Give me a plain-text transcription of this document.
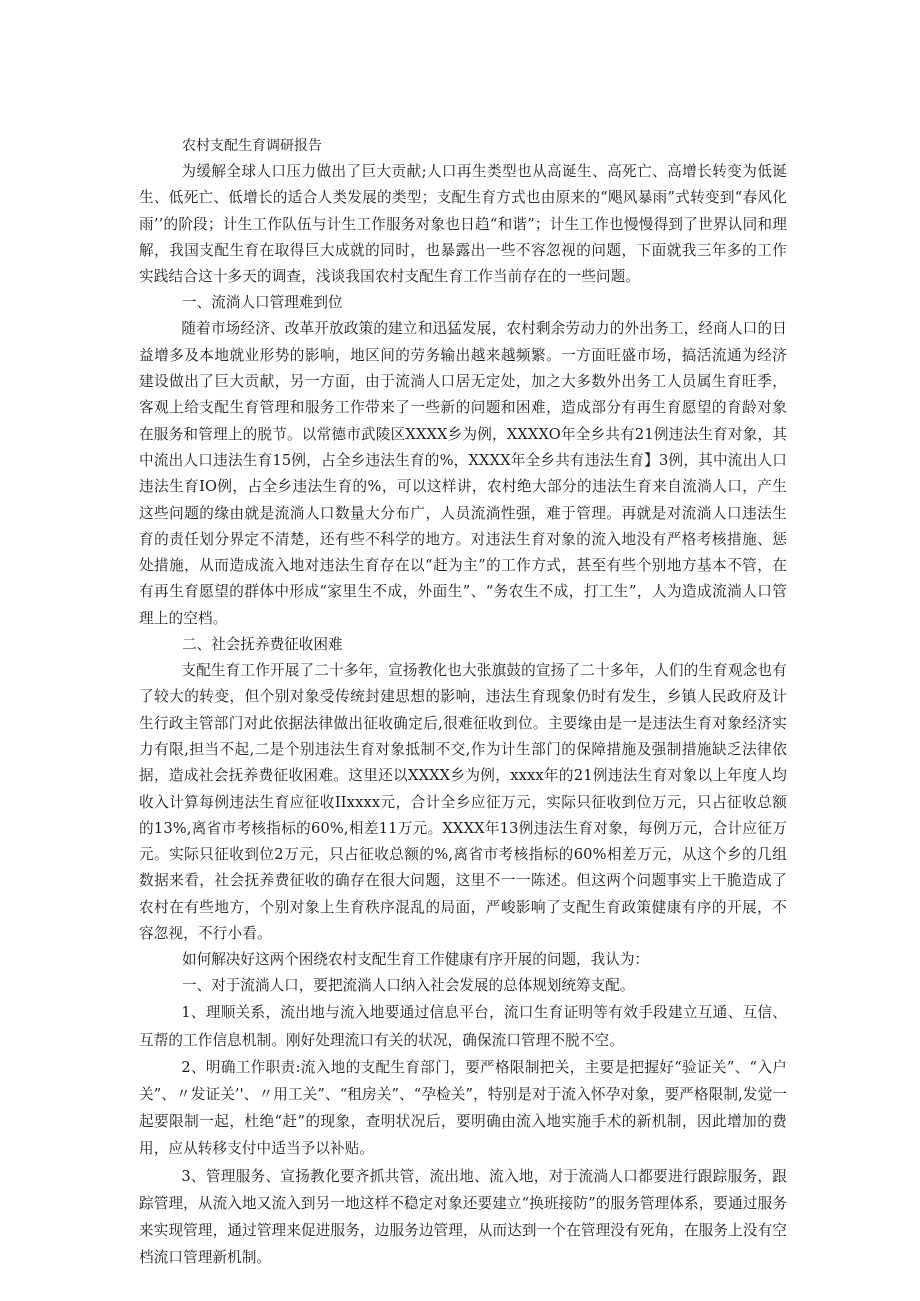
农村支配生育调研报告

为缓解全球人口压力做出了巨大贡献;人口再生类型也从高诞生、高死亡、高增长转变为低诞生、低死亡、低增长的适合人类发展的类型；支配生育方式也由原来的“飓风暴雨”式转变到“春风化雨’’的阶段；计生工作队伍与计生工作服务对象也日趋“和谐”；计生工作也慢慢得到了世界认同和理解，我国支配生育在取得巨大成就的同时，也暴露出一些不容忽视的问题，下面就我三年多的工作实践结合这十多天的调查，浅谈我国农村支配生育工作当前存在的一些问题。

一、流淌人口管理难到位

随着市场经济、改革开放政策的建立和迅猛发展，农村剩余劳动力的外出务工，经商人口的日益增多及本地就业形势的影响，地区间的劳务输出越来越频繁。一方面旺盛市场，搞活流通为经济建设做出了巨大贡献，另一方面，由于流淌人口居无定处，加之大多数外出务工人员属生育旺季，客观上给支配生育管理和服务工作带来了一些新的问题和困难，造成部分有再生育愿望的育龄对象在服务和管理上的脱节。以常德市武陵区XXXX乡为例，XXXXO年全乡共有21例违法生育对象，其中流出人口违法生育15例，占全乡违法生育的%，XXXX年全乡共有违法生育】3例，其中流出人口违法生育IO例，占全乡违法生育的%，可以这样讲，农村绝大部分的违法生育来自流淌人口，产生这些问题的缘由就是流淌人口数量大分布广，人员流淌性强，难于管理。再就是对流淌人口违法生育的责任划分界定不清楚，还有些不科学的地方。对违法生育对象的流入地没有严格考核措施、惩处措施，从而造成流入地对违法生育存在以“赶为主”的工作方式，甚至有些个别地方基本不管，在有再生育愿望的群体中形成“家里生不成，外面生”、“务农生不成，打工生”，人为造成流淌人口管理上的空档。

二、社会抚养费征收困难

支配生育工作开展了二十多年，宣扬教化也大张旗鼓的宣扬了二十多年，人们的生育观念也有了较大的转变，但个别对象受传统封建思想的影响，违法生育现象仍时有发生，乡镇人民政府及计生行政主管部门对此依据法律做出征收确定后,很难征收到位。主要缘由是一是违法生育对象经济实力有限,担当不起,二是个别违法生育对象抵制不交,作为计生部门的保障措施及强制措施缺乏法律依据，造成社会抚养费征收困难。这里还以XXXX乡为例，xxxx年的21例违法生育对象以上年度人均收入计算每例违法生育应征收IIxxxx元，合计全乡应征万元，实际只征收到位万元，只占征收总额的13%,离省市考核指标的60%,相差11万元。XXXX年13例违法生育对象，每例万元，合计应征万元。实际只征收到位2万元，只占征收总额的%,离省市考核指标的60%相差万元，从这个乡的几组数据来看，社会抚养费征收的确存在很大问题，这里不一一陈述。但这两个问题事实上干脆造成了农村在有些地方，个别对象上生育秩序混乱的局面，严峻影响了支配生育政策健康有序的开展，不容忽视，不行小看。

如何解决好这两个困绕农村支配生育工作健康有序开展的问题，我认为：

一、对于流淌人口，要把流淌人口纳入社会发展的总体规划统筹支配。

1、理顺关系，流出地与流入地要通过信息平台，流口生育证明等有效手段建立互通、互信、互帮的工作信息机制。刚好处理流口有关的状况，确保流口管理不脱不空。

2、明确工作职责:流入地的支配生育部门，要严格限制把关，主要是把握好“验证关”、“入户关”、〃发证关’'、〃用工关”、“租房关”、“孕检关”，特别是对于流入怀孕对象，要严格限制,发觉一起要限制一起，杜绝“赶”的现象，查明状况后，要明确由流入地实施手术的新机制，因此增加的费用，应从转移支付中适当予以补贴。

3、管理服务、宣扬教化要齐抓共管，流出地、流入地，对于流淌人口都要进行跟踪服务，跟踪管理，从流入地又流入到另一地这样不稳定对象还要建立“换班接防”的服务管理体系，要通过服务来实现管理，通过管理来促进服务，边服务边管理，从而达到一个在管理没有死角，在服务上没有空档流口管理新机制。
